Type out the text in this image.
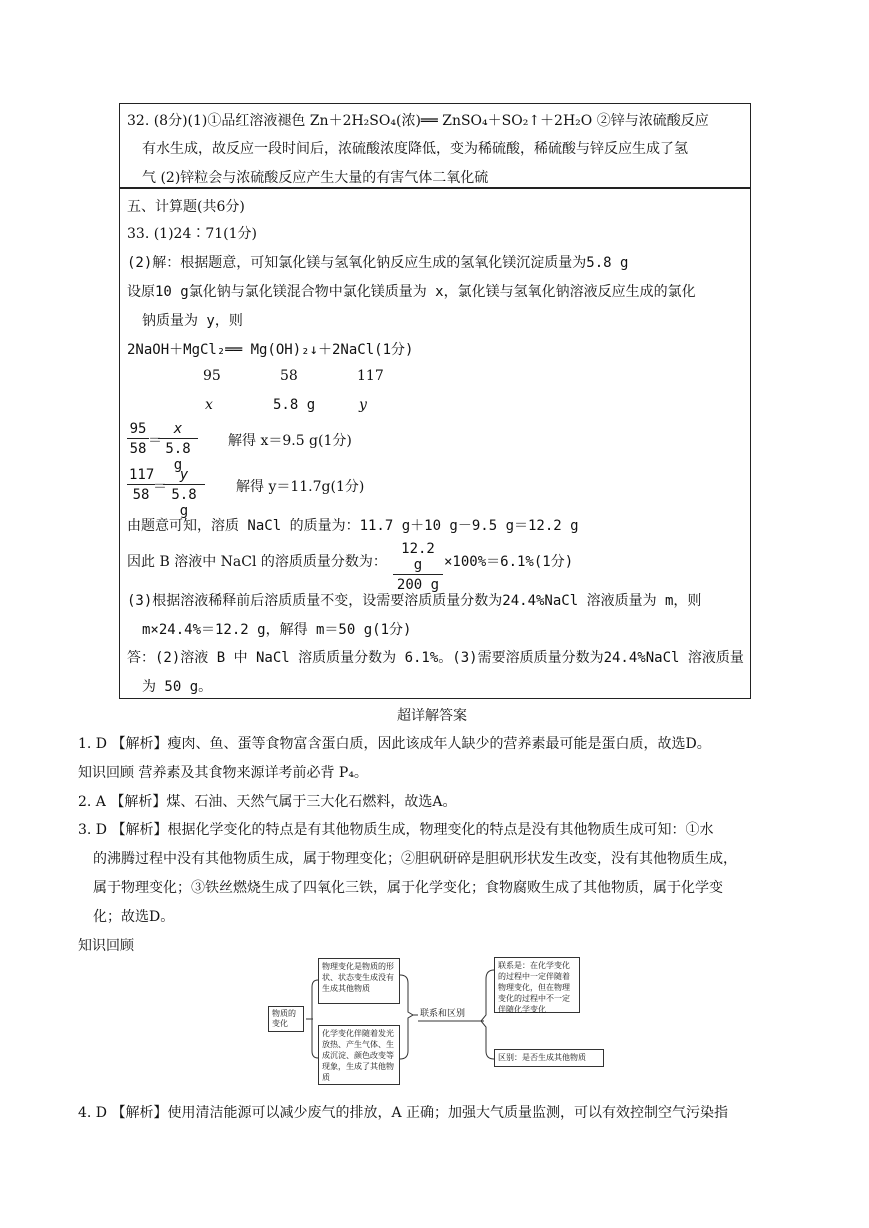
32. (8分)(1)①品红溶液褪色 Zn＋2H₂SO₄(浓)══ ZnSO₄＋SO₂↑＋2H₂O ②锌与浓硫酸反应
有水生成，故反应一段时间后，浓硫酸浓度降低，变为稀硫酸，稀硫酸与锌反应生成了氢
气 (2)锌粒会与浓硫酸反应产生大量的有害气体二氧化硫
五、计算题(共6分)
33. (1)24∶71(1分)
(2)解：根据题意，可知氯化镁与氢氧化钠反应生成的氢氧化镁沉淀质量为5.8 g
设原10 g氯化钠与氯化镁混合物中氯化镁质量为 x，氯化镁与氢氧化钠溶液反应生成的氯化
钠质量为 y，则
2NaOH＋MgCl₂══ Mg(OH)₂↓＋2NaCl(1分)
95	58	117
x	5.8 g	y
$\frac{95}{58}$ ＝
$\frac{x}{5.8 g}$ 解得 x＝9.5 g(1分)
$\frac{117}{58}$
＝
$\frac{y}{5.8 g}$ 解得 y＝11.7g(1分)
由题意可知，溶质 NaCl 的质量为：11.7 g＋10 g－9.5 g＝12.2 g
因此 B 溶液中 NaCl 的溶质质量分数为： $\frac{12.2 g}{200 g} \times 100\%=6.1\%(1$分)
(3)根据溶液稀释前后溶质质量不变，设需要溶质质量分数为24.4%NaCl 溶液质量为 m，则
m×24.4%＝12.2 g，解得 m＝50 g(1分)
答：(2)溶液 B 中 NaCl 溶质质量分数为 6.1%。(3)需要溶质质量分数为24.4%NaCl 溶液质量
为 50 g。
超详解答案
1. D 【解析】瘦肉、鱼、蛋等食物富含蛋白质，因此该成年人缺少的营养素最可能是蛋白质，故选D。
知识回顾 营养素及其食物来源详考前必背 P₄。
2. A 【解析】煤、石油、天然气属于三大化石燃料，故选A。
3. D 【解析】根据化学变化的特点是有其他物质生成，物理变化的特点是没有其他物质生成可知：①水
的沸腾过程中没有其他物质生成，属于物理变化；②胆矾研碎是胆矾形状发生改变，没有其他物质生成，
属于物理变化；③铁丝燃烧生成了四氧化三铁，属于化学变化；食物腐败生成了其他物质，属于化学变
化；故选D。
知识回顾
物质的变化
物理变化是物质的形状、状态变生成没有生成其他物质
化学变化伴随着发光放热、产生气体、生成沉淀、颜色改变等现象，生成了其他物质
联系和区别
联系是：在化学变化的过程中一定伴随着物理变化，但在物理变化的过程中不一定伴随化学变化
区别：是否生成其他物质
4. D 【解析】使用清洁能源可以减少废气的排放，A 正确；加强大气质量监测，可以有效控制空气污染指
